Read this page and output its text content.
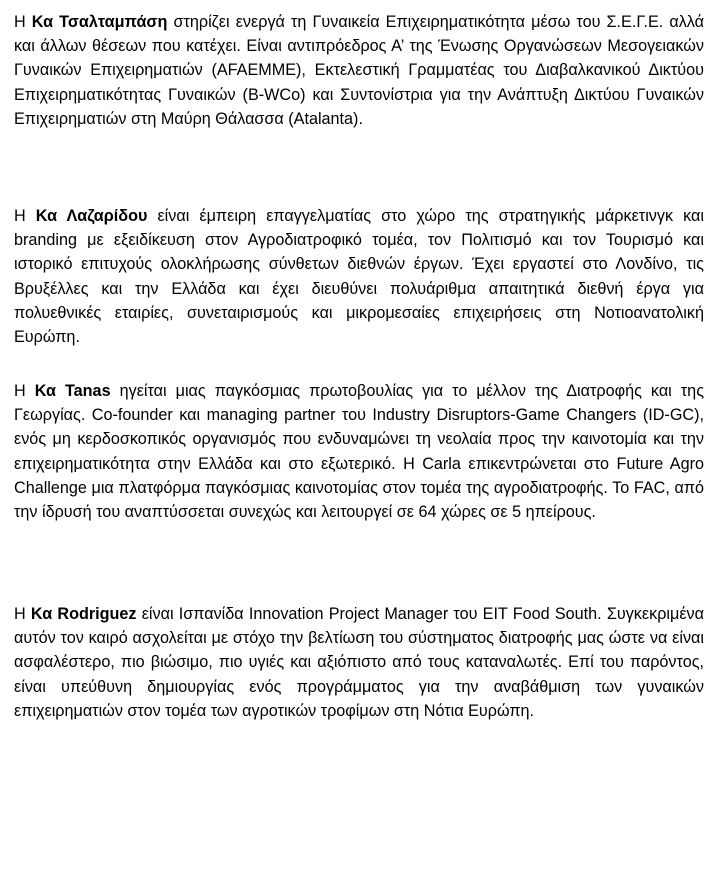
Η Κα Τσαλταμπάση στηρίζει ενεργά τη Γυναικεία Επιχειρηματικότητα μέσω του Σ.Ε.Γ.Ε. αλλά και άλλων θέσεων που κατέχει. Είναι αντιπρόεδρος Α’ της Ένωσης Οργανώσεων Μεσογειακών Γυναικών Επιχειρηματιών (AFAEMME), Εκτελεστική Γραμματέας του Διαβαλκανικού Δικτύου Επιχειρηματικότητας Γυναικών (B-WCo) και Συντονίστρια για την Ανάπτυξη Δικτύου Γυναικών Επιχειρηματιών στη Μαύρη Θάλασσα (Atalanta).

Η Κα Λαζαρίδου είναι έμπειρη επαγγελματίας στο χώρο της στρατηγικής μάρκετινγκ και branding με εξειδίκευση στον Αγροδιατροφικό τομέα, τον Πολιτισμό και τον Τουρισμό και ιστορικό επιτυχούς ολοκλήρωσης σύνθετων διεθνών έργων. Έχει εργαστεί στο Λονδίνο, τις Βρυξέλλες και την Ελλάδα και έχει διευθύνει πολυάριθμα απαιτητικά διεθνή έργα για πολυεθνικές εταιρίες, συνεταιρισμούς και μικρομεσαίες επιχειρήσεις στη Νοτιοανατολική Ευρώπη.

Η Κα Tanas ηγείται μιας παγκόσμιας πρωτοβουλίας για το μέλλον της Διατροφής και της Γεωργίας. Co-founder και managing partner του Industry Disruptors-Game Changers (ID-GC), ενός μη κερδοσκοπικός οργανισμός που ενδυναμώνει τη νεολαία προς την καινοτομία και την επιχειρηματικότητα στην Ελλάδα και στο εξωτερικό. Η Carla επικεντρώνεται στο Future Agro Challenge μια πλατφόρμα παγκόσμιας καινοτομίας στον τομέα της αγροδιατροφής. Το FAC, από την ίδρυσή του αναπτύσσεται συνεχώς και λειτουργεί σε 64 χώρες σε 5 ηπείρους.

Η Κα Rodriguez είναι Ισπανίδα Innovation Project Manager του EIT Food South. Συγκεκριμένα αυτόν τον καιρό ασχολείται με στόχο την βελτίωση του σύστηματος διατροφής μας ώστε να είναι ασφαλέστερο, πιο βιώσιμο, πιο υγιές και αξιόπιστο από τους καταναλωτές. Επί του παρόντος, είναι υπεύθυνη δημιουργίας ενός προγράμματος για την αναβάθμιση των γυναικών επιχειρηματιών στον τομέα των αγροτικών τροφίμων στη Νότια Ευρώπη.
